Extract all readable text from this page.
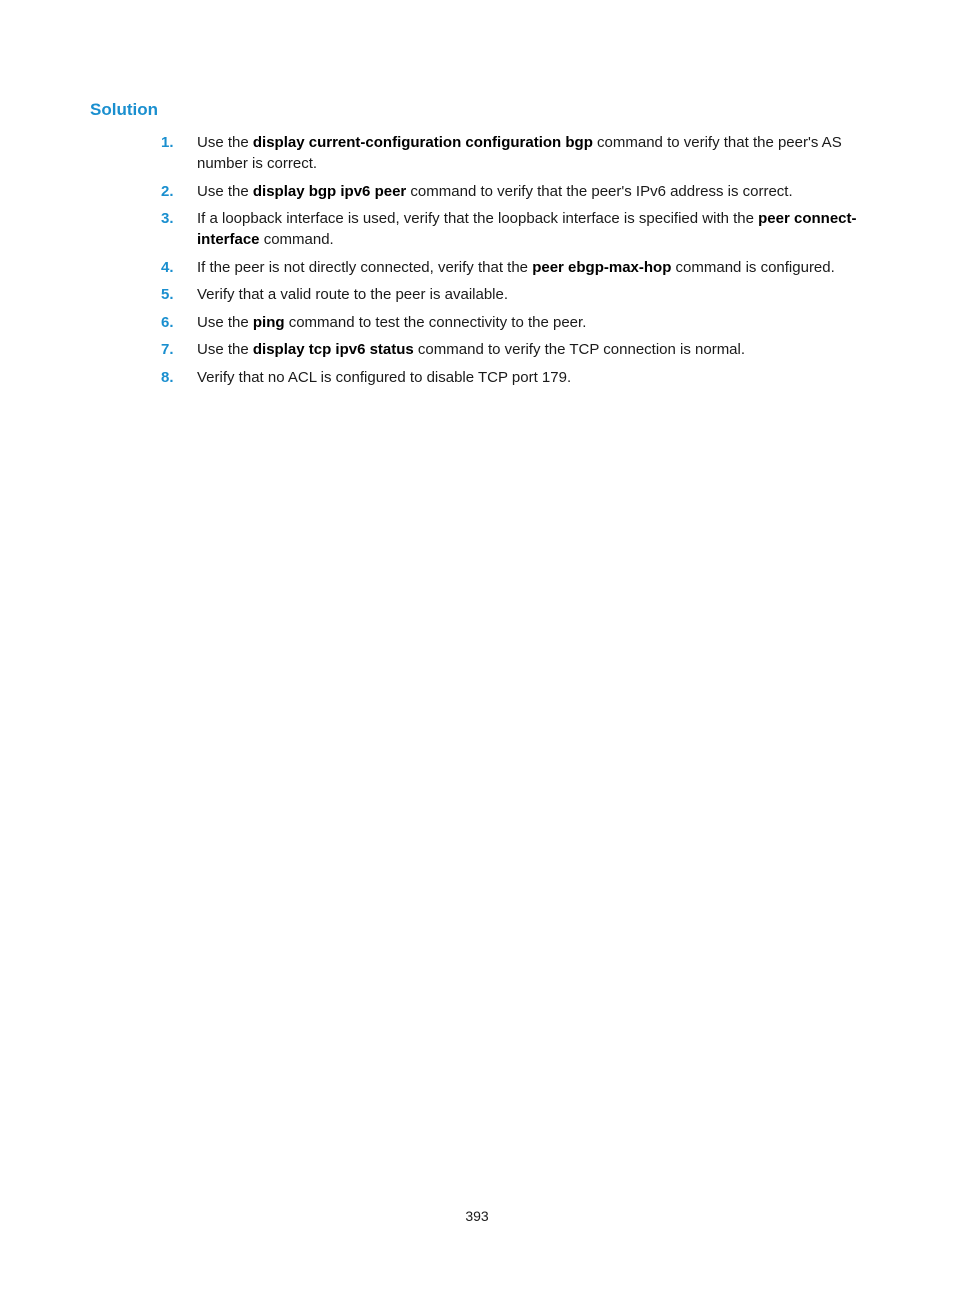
Solution
1. Use the display current-configuration configuration bgp command to verify that the peer's AS number is correct.
2. Use the display bgp ipv6 peer command to verify that the peer's IPv6 address is correct.
3. If a loopback interface is used, verify that the loopback interface is specified with the peer connect-interface command.
4. If the peer is not directly connected, verify that the peer ebgp-max-hop command is configured.
5. Verify that a valid route to the peer is available.
6. Use the ping command to test the connectivity to the peer.
7. Use the display tcp ipv6 status command to verify the TCP connection is normal.
8. Verify that no ACL is configured to disable TCP port 179.
393
